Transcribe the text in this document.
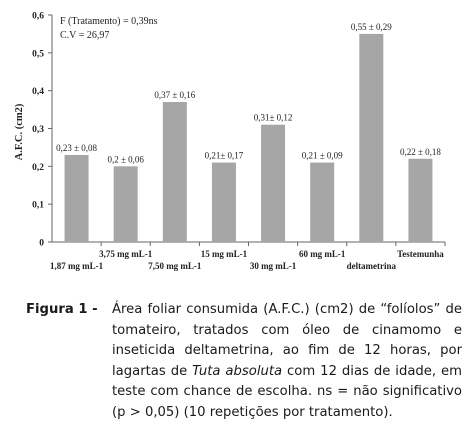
0
0,1
0,2
0,3
0,4
0,5
0,6
0,23 ± 0,08
0,2 ± 0,06
0,37 ± 0,16
0,21± 0,17
0,31± 0,12
0,21 ± 0,09
0,55 ± 0,29
0,22 ± 0,18
1,87 mg mL-1
3,75 mg mL-1
7,50 mg mL-1
15 mg mL-1
30 mg mL-1
60 mg mL-1
deltametrina
Testemunha
A.F.C. (cm2)
F (Tratamento) = 0,39ns
C.V = 26,97
Figura 1 -	Área foliar consumida (A.F.C.) (cm2) de “folíolos” de tomateiro, tratados com óleo de cinamomo e inseticida deltametrina, ao fim de 12 horas, por lagartas de Tuta absoluta com 12 dias de idade, em teste com chance de escolha. ns = não significativo (p > 0,05) (10 repetições por tratamento).
